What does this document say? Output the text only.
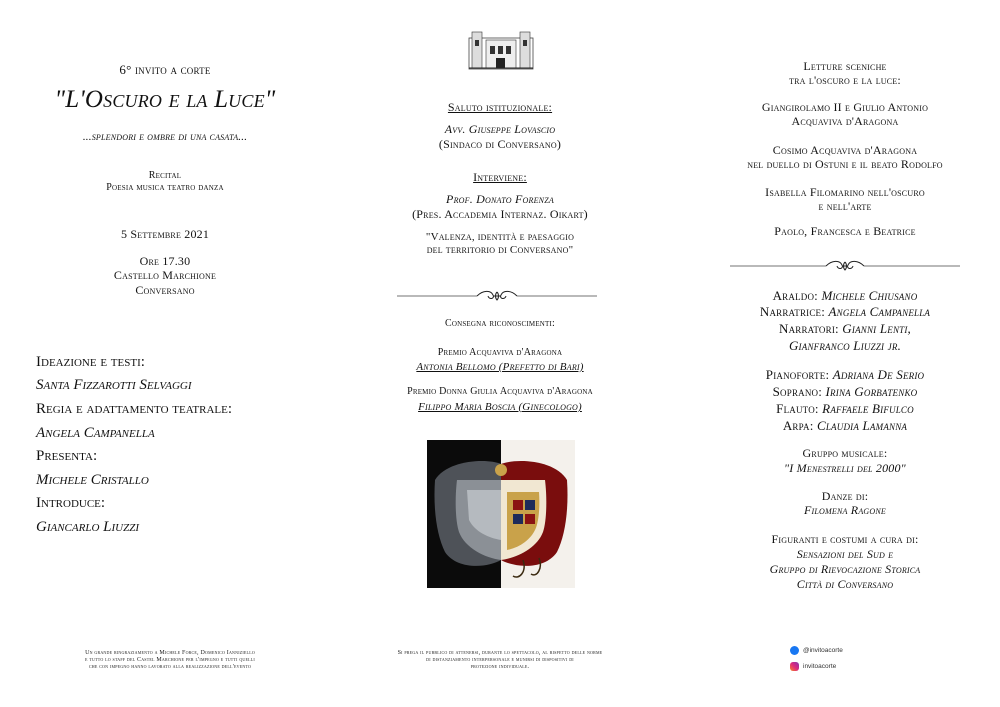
6° invito a corte
"L'Oscuro e la Luce"
...splendori e ombre di una casata...
Recital
Poesia musica teatro danza
5 Settembre 2021
Ore 17.30
Castello Marchione
Conversano
Ideazione e testi:
Santa Fizzarotti Selvaggi
Regia e adattamento teatrale:
Angela Campanella
Presenta:
Michele Cristallo
Introduce:
Giancarlo Liuzzi
Un grande ringraziamento a Michele Force, Domenico Ianniziello
e tutto lo staff del Castel Marchione per l'impegno e tutti quelli
che con impegno hanno lavorato alla realizzazione dell'evento
Saluto istituzionale:
Avv. Giuseppe Lovascio
(Sindaco di Conversano)
Interviene:
Prof. Donato Forenza
(Pres. Accademia Internaz. Oikart)
"Valenza, identità e paesaggio
del territorio di Conversano"
Consegna riconoscimenti:
Premio Acquaviva d'Aragona
Antonia Bellomo (Prefetto di Bari)
Premio Donna Giulia Acquaviva d'Aragona
Filippo Maria Boscia (Ginecologo)
Si prega il pubblico di attenersi, durante lo spettacolo, al rispetto delle norme
di distanziamento interpersonale e munirsi di dispositivi di
protezione individuale.
Letture sceniche
tra l'oscuro e la luce:
Giangirolamo II e Giulio Antonio
Acquaviva d'Aragona
Cosimo Acquaviva d'Aragona
nel duello di Ostuni e il beato Rodolfo
Isabella Filomarino nell'oscuro
e nell'arte
Paolo, Francesca e Beatrice
Araldo: Michele Chiusano
Narratrice: Angela Campanella
Narratori: Gianni Lenti,
Gianfranco Liuzzi jr.
Pianoforte: Adriana De Serio
Soprano: Irina Gorbatenko
Flauto: Raffaele Bifulco
Arpa: Claudia Lamanna
Gruppo musicale:
"I Menestrelli del 2000"
Danze di:
Filomena Ragone
Figuranti e costumi a cura di:
Sensazioni del Sud e
Gruppo di Rievocazione Storica
Città di Conversano
@invitoacorte
invitoacorte
